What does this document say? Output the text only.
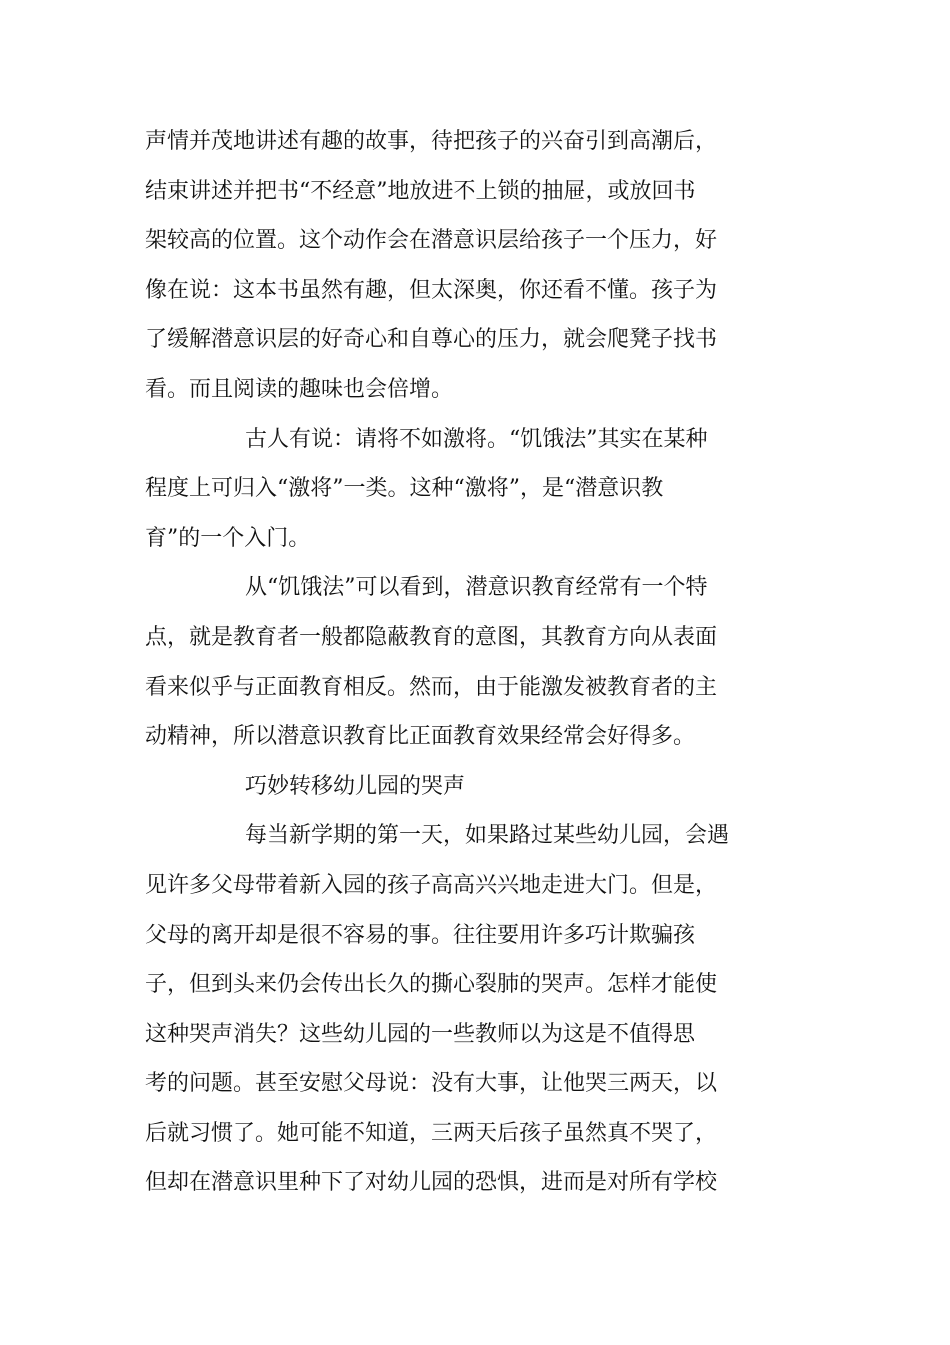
声情并茂地讲述有趣的故事，待把孩子的兴奋引到高潮后，
结束讲述并把书“不经意”地放进不上锁的抽屉，或放回书
架较高的位置。这个动作会在潜意识层给孩子一个压力，好
像在说：这本书虽然有趣，但太深奥，你还看不懂。孩子为
了缓解潜意识层的好奇心和自尊心的压力，就会爬凳子找书
看。而且阅读的趣味也会倍增。
古人有说：请将不如激将。“饥饿法”其实在某种
程度上可归入“激将”一类。这种“激将”，是“潜意识教
育”的一个入门。
从“饥饿法”可以看到，潜意识教育经常有一个特
点，就是教育者一般都隐蔽教育的意图，其教育方向从表面
看来似乎与正面教育相反。然而，由于能激发被教育者的主
动精神，所以潜意识教育比正面教育效果经常会好得多。
巧妙转移幼儿园的哭声
每当新学期的第一天，如果路过某些幼儿园，会遇
见许多父母带着新入园的孩子高高兴兴地走进大门。但是，
父母的离开却是很不容易的事。往往要用许多巧计欺骗孩
子，但到头来仍会传出长久的撕心裂肺的哭声。怎样才能使
这种哭声消失？这些幼儿园的一些教师以为这是不值得思
考的问题。甚至安慰父母说：没有大事，让他哭三两天，以
后就习惯了。她可能不知道，三两天后孩子虽然真不哭了，
但却在潜意识里种下了对幼儿园的恐惧，进而是对所有学校
